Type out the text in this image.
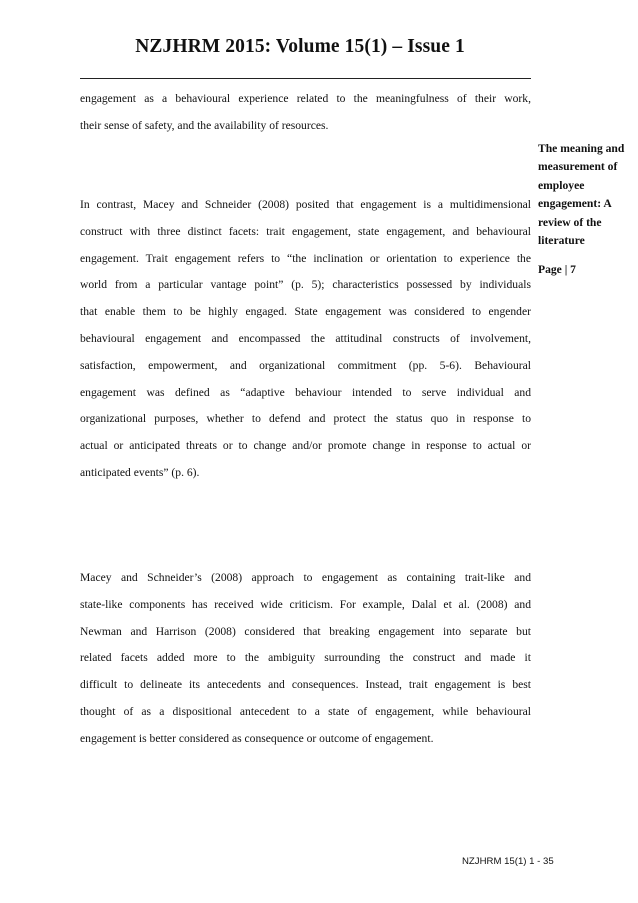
NZJHRM 2015: Volume 15(1) – Issue 1
engagement as a behavioural experience related to the meaningfulness of their work,
their sense of safety, and the availability of resources.
In contrast, Macey and Schneider (2008) posited that engagement is a multidimensional
construct with three distinct facets: trait engagement, state engagement, and behavioural
engagement. Trait engagement refers to “the inclination or orientation to experience the
world from a particular vantage point” (p. 5); characteristics possessed by individuals
that enable them to be highly engaged. State engagement was considered to engender
behavioural engagement and encompassed the attitudinal constructs of involvement,
satisfaction, empowerment, and organizational commitment (pp. 5-6). Behavioural
engagement was defined as “adaptive behaviour intended to serve individual and
organizational purposes, whether to defend and protect the status quo in response to
actual or anticipated threats or to change and/or promote change in response to actual or
anticipated events” (p. 6).
Macey and Schneider’s (2008) approach to engagement as containing trait-like and
state-like components has received wide criticism. For example, Dalal et al. (2008) and
Newman and Harrison (2008) considered that breaking engagement into separate but
related facets added more to the ambiguity surrounding the construct and made it
difficult to delineate its antecedents and consequences. Instead, trait engagement is best
thought of as a dispositional antecedent to a state of engagement, while behavioural
engagement is better considered as consequence or outcome of engagement.
The meaning and
measurement of
employee
engagement: A
review of the
literature
Page | 7
NZJHRM 15(1) 1 - 35
